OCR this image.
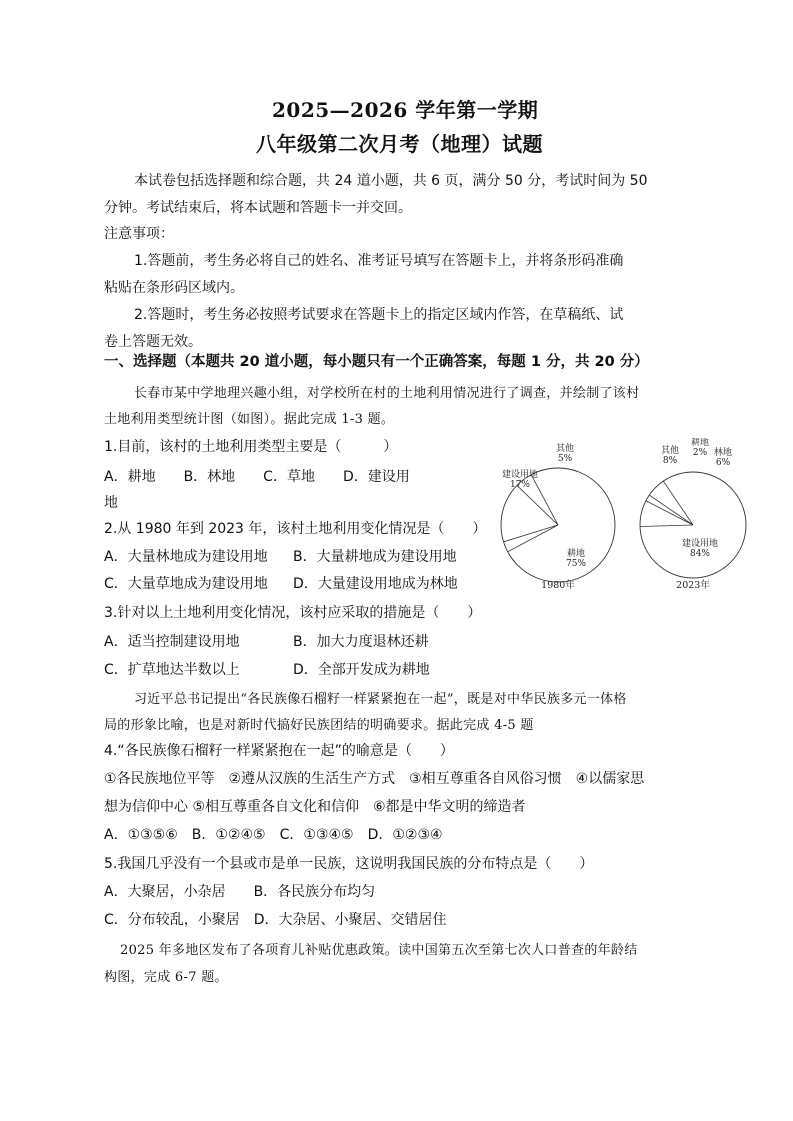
2025—2026 学年第一学期
八年级第二次月考（地理）试题
本试卷包括选择题和综合题，共 24 道小题，共 6 页，满分 50 分，考试时间为 50
分钟。考试结束后，将本试题和答题卡一并交回。
注意事项：
1.答题前，考生务必将自己的姓名、准考证号填写在答题卡上，并将条形码准确
粘贴在条形码区域内。
2.答题时，考生务必按照考试要求在答题卡上的指定区域内作答，在草稿纸、试
卷上答题无效。
一、选择题（本题共 20 道小题，每小题只有一个正确答案，每题 1 分，共 20 分）
长春市某中学地理兴趣小组，对学校所在村的土地利用情况进行了调查，并绘制了该村
土地利用类型统计图（如图）。据此完成 1-3 题。
1.目前，该村的土地利用类型主要是（　　　）
A．耕地　　B．林地　　C．草地　　D．建设用
地
2.从 1980 年到 2023 年，该村土地利用变化情况是（　　）
A．大量林地成为建设用地 B．大量耕地成为建设用地
C．大量草地成为建设用地 D．大量建设用地成为林地
3.针对以上土地利用变化情况，该村应采取的措施是（　　）
A．适当控制建设用地	B．加大力度退林还耕
C．扩草地达半数以上	D．全部开发成为耕地
习近平总书记提出“各民族像石榴籽一样紧紧抱在一起”，既是对中华民族多元一体格
局的形象比喻，也是对新时代搞好民族团结的明确要求。据此完成 4-5 题
4.“各民族像石榴籽一样紧紧抱在一起”的喻意是（　　）
①各民族地位平等　②遵从汉族的生活生产方式　③相互尊重各自风俗习惯　④以儒家思
想为信仰中心 ⑤相互尊重各自文化和信仰　⑥都是中华文明的缔造者
A．①③⑤⑥　B．①②④⑤　C．①③④⑤　D．①②③④
5.我国几乎没有一个县或市是单一民族，这说明我国民族的分布特点是（　　）
A．大聚居，小杂居　　B．各民族分布均匀
C．分布较乱，小聚居　D．大杂居、小聚居、交错居住
2025 年多地区发布了各项育儿补贴优惠政策。读中国第五次至第七次人口普查的年龄结
构图，完成 6-7 题。
耕地 75%
建设用地 17%
其他 5%
1980年
建设用地 84%
其他 8%
耕地 2% 林地 6%
2023年
